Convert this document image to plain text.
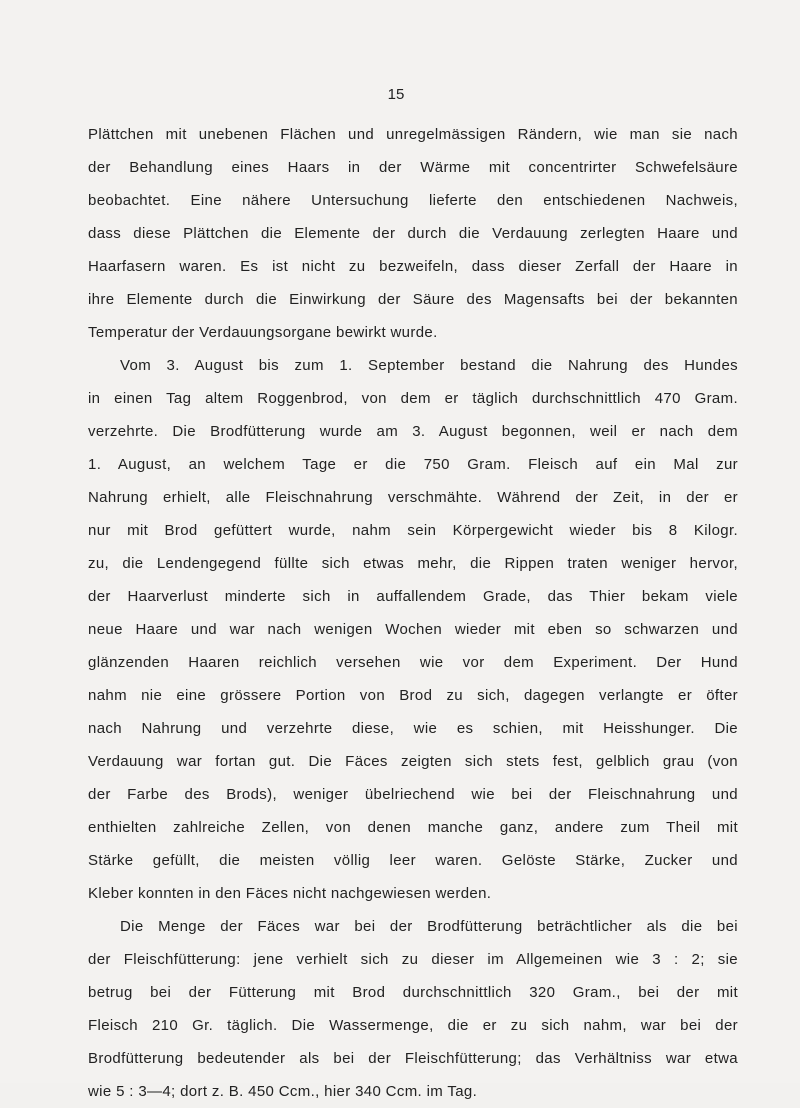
15
Plättchen mit unebenen Flächen und unregelmässigen Rändern, wie man sie nach
der Behandlung eines Haars in der Wärme mit concentrirter Schwefelsäure
beobachtet. Eine nähere Untersuchung lieferte den entschiedenen Nachweis,
dass diese Plättchen die Elemente der durch die Verdauung zerlegten Haare und
Haarfasern waren. Es ist nicht zu bezweifeln, dass dieser Zerfall der Haare in
ihre Elemente durch die Einwirkung der Säure des Magensafts bei der bekannten
Temperatur der Verdauungsorgane bewirkt wurde.
Vom 3. August bis zum 1. September bestand die Nahrung des Hundes
in einen Tag altem Roggenbrod, von dem er täglich durchschnittlich 470 Gram.
verzehrte. Die Brodfütterung wurde am 3. August begonnen, weil er nach dem
1. August, an welchem Tage er die 750 Gram. Fleisch auf ein Mal zur
Nahrung erhielt, alle Fleischnahrung verschmähte. Während der Zeit, in der er
nur mit Brod gefüttert wurde, nahm sein Körpergewicht wieder bis 8 Kilogr.
zu, die Lendengegend füllte sich etwas mehr, die Rippen traten weniger hervor,
der Haarverlust minderte sich in auffallendem Grade, das Thier bekam viele
neue Haare und war nach wenigen Wochen wieder mit eben so schwarzen und
glänzenden Haaren reichlich versehen wie vor dem Experiment. Der Hund
nahm nie eine grössere Portion von Brod zu sich, dagegen verlangte er öfter
nach Nahrung und verzehrte diese, wie es schien, mit Heisshunger. Die
Verdauung war fortan gut. Die Fäces zeigten sich stets fest, gelblich grau (von
der Farbe des Brods), weniger übelriechend wie bei der Fleischnahrung und
enthielten zahlreiche Zellen, von denen manche ganz, andere zum Theil mit
Stärke gefüllt, die meisten völlig leer waren. Gelöste Stärke, Zucker und
Kleber konnten in den Fäces nicht nachgewiesen werden.
Die Menge der Fäces war bei der Brodfütterung beträchtlicher als die bei
der Fleischfütterung: jene verhielt sich zu dieser im Allgemeinen wie 3 : 2; sie
betrug bei der Fütterung mit Brod durchschnittlich 320 Gram., bei der mit
Fleisch 210 Gr. täglich. Die Wassermenge, die er zu sich nahm, war bei der
Brodfütterung bedeutender als bei der Fleischfütterung; das Verhältniss war etwa
wie 5 : 3—4; dort z. B. 450 Ccm., hier 340 Ccm. im Tag.
